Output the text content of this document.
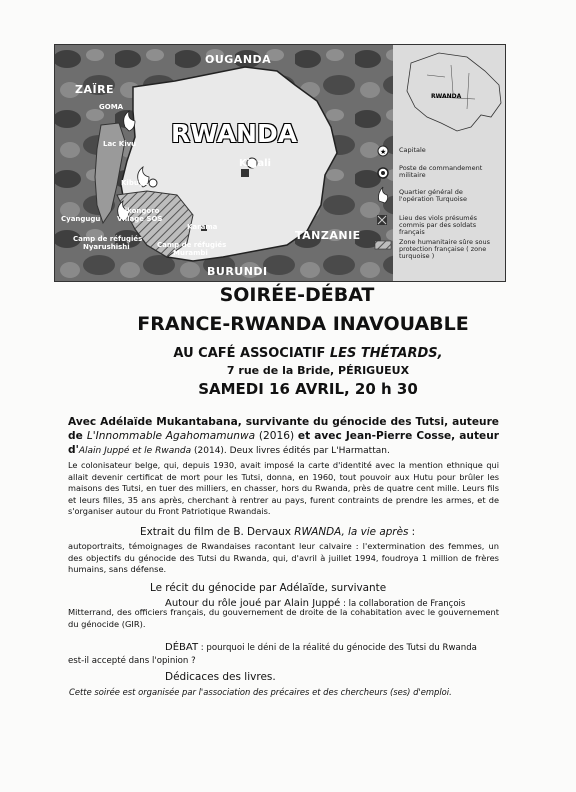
★
OUGANDA
ZAÏRE
TANZANIE
BURUNDI
RWANDA
GOMA
Lac Kivu
Kibuye
Cyangugu
Gikongoro
Village SOS
Karama
Camp de réfugiés
Nyarushishi	Camp de réfugiés
Murambi
Kigali
RWANDA
Capitale
Poste de commandement militaire
Quartier général de l'opération Turquoise
Lieu des viols présumés commis par des soldats français
Zone humanitaire sûre sous protection française ( zone turquoise )
SOIRÉE-DÉBAT
FRANCE-RWANDA INAVOUABLE
AU CAFÉ ASSOCIATIF LES THÉTARDS,
7 rue de la Bride, PÉRIGUEUX
SAMEDI 16 AVRIL, 20 h 30
Avec Adélaïde Mukantabana, survivante du génocide des Tutsi, auteure de L'Innommable Agahomamunwa (2016) et avec Jean-Pierre Cosse, auteur d'Alain Juppé et le Rwanda (2014). Deux livres édités par L'Harmattan.
Le colonisateur belge, qui, depuis 1930, avait imposé la carte d'identité avec la mention ethnique qui allait devenir certificat de mort pour les Tutsi, donna, en 1960, tout pouvoir aux Hutu pour brûler les maisons des Tutsi, en tuer des milliers, en chasser, hors du Rwanda, près de quatre cent mille. Leurs fils et leurs filles, 35 ans après, cherchant à rentrer au pays, furent contraints de prendre les armes, et de s'organiser autour du Front Patriotique Rwandais.
Extrait du film de B. Dervaux RWANDA, la vie après :
autoportraits, témoignages de Rwandaises racontant leur calvaire : l'extermination des femmes, un des objectifs du génocide des Tutsi du Rwanda, qui, d'avril à juillet 1994, foudroya 1 million de frères humains, sans défense.
Le récit du génocide par Adélaïde, survivante
Autour du rôle joué par Alain Juppé : la collaboration de François
Mitterrand, des officiers français, du gouvernement de droite de la cohabitation avec le gouvernement du génocide (GIR).
DÉBAT : pourquoi le déni de la réalité du génocide des Tutsi du Rwanda
est-il accepté dans l'opinion ?
Dédicaces des livres.
Cette soirée est organisée par l'association des précaires et des chercheurs (ses) d'emploi.
